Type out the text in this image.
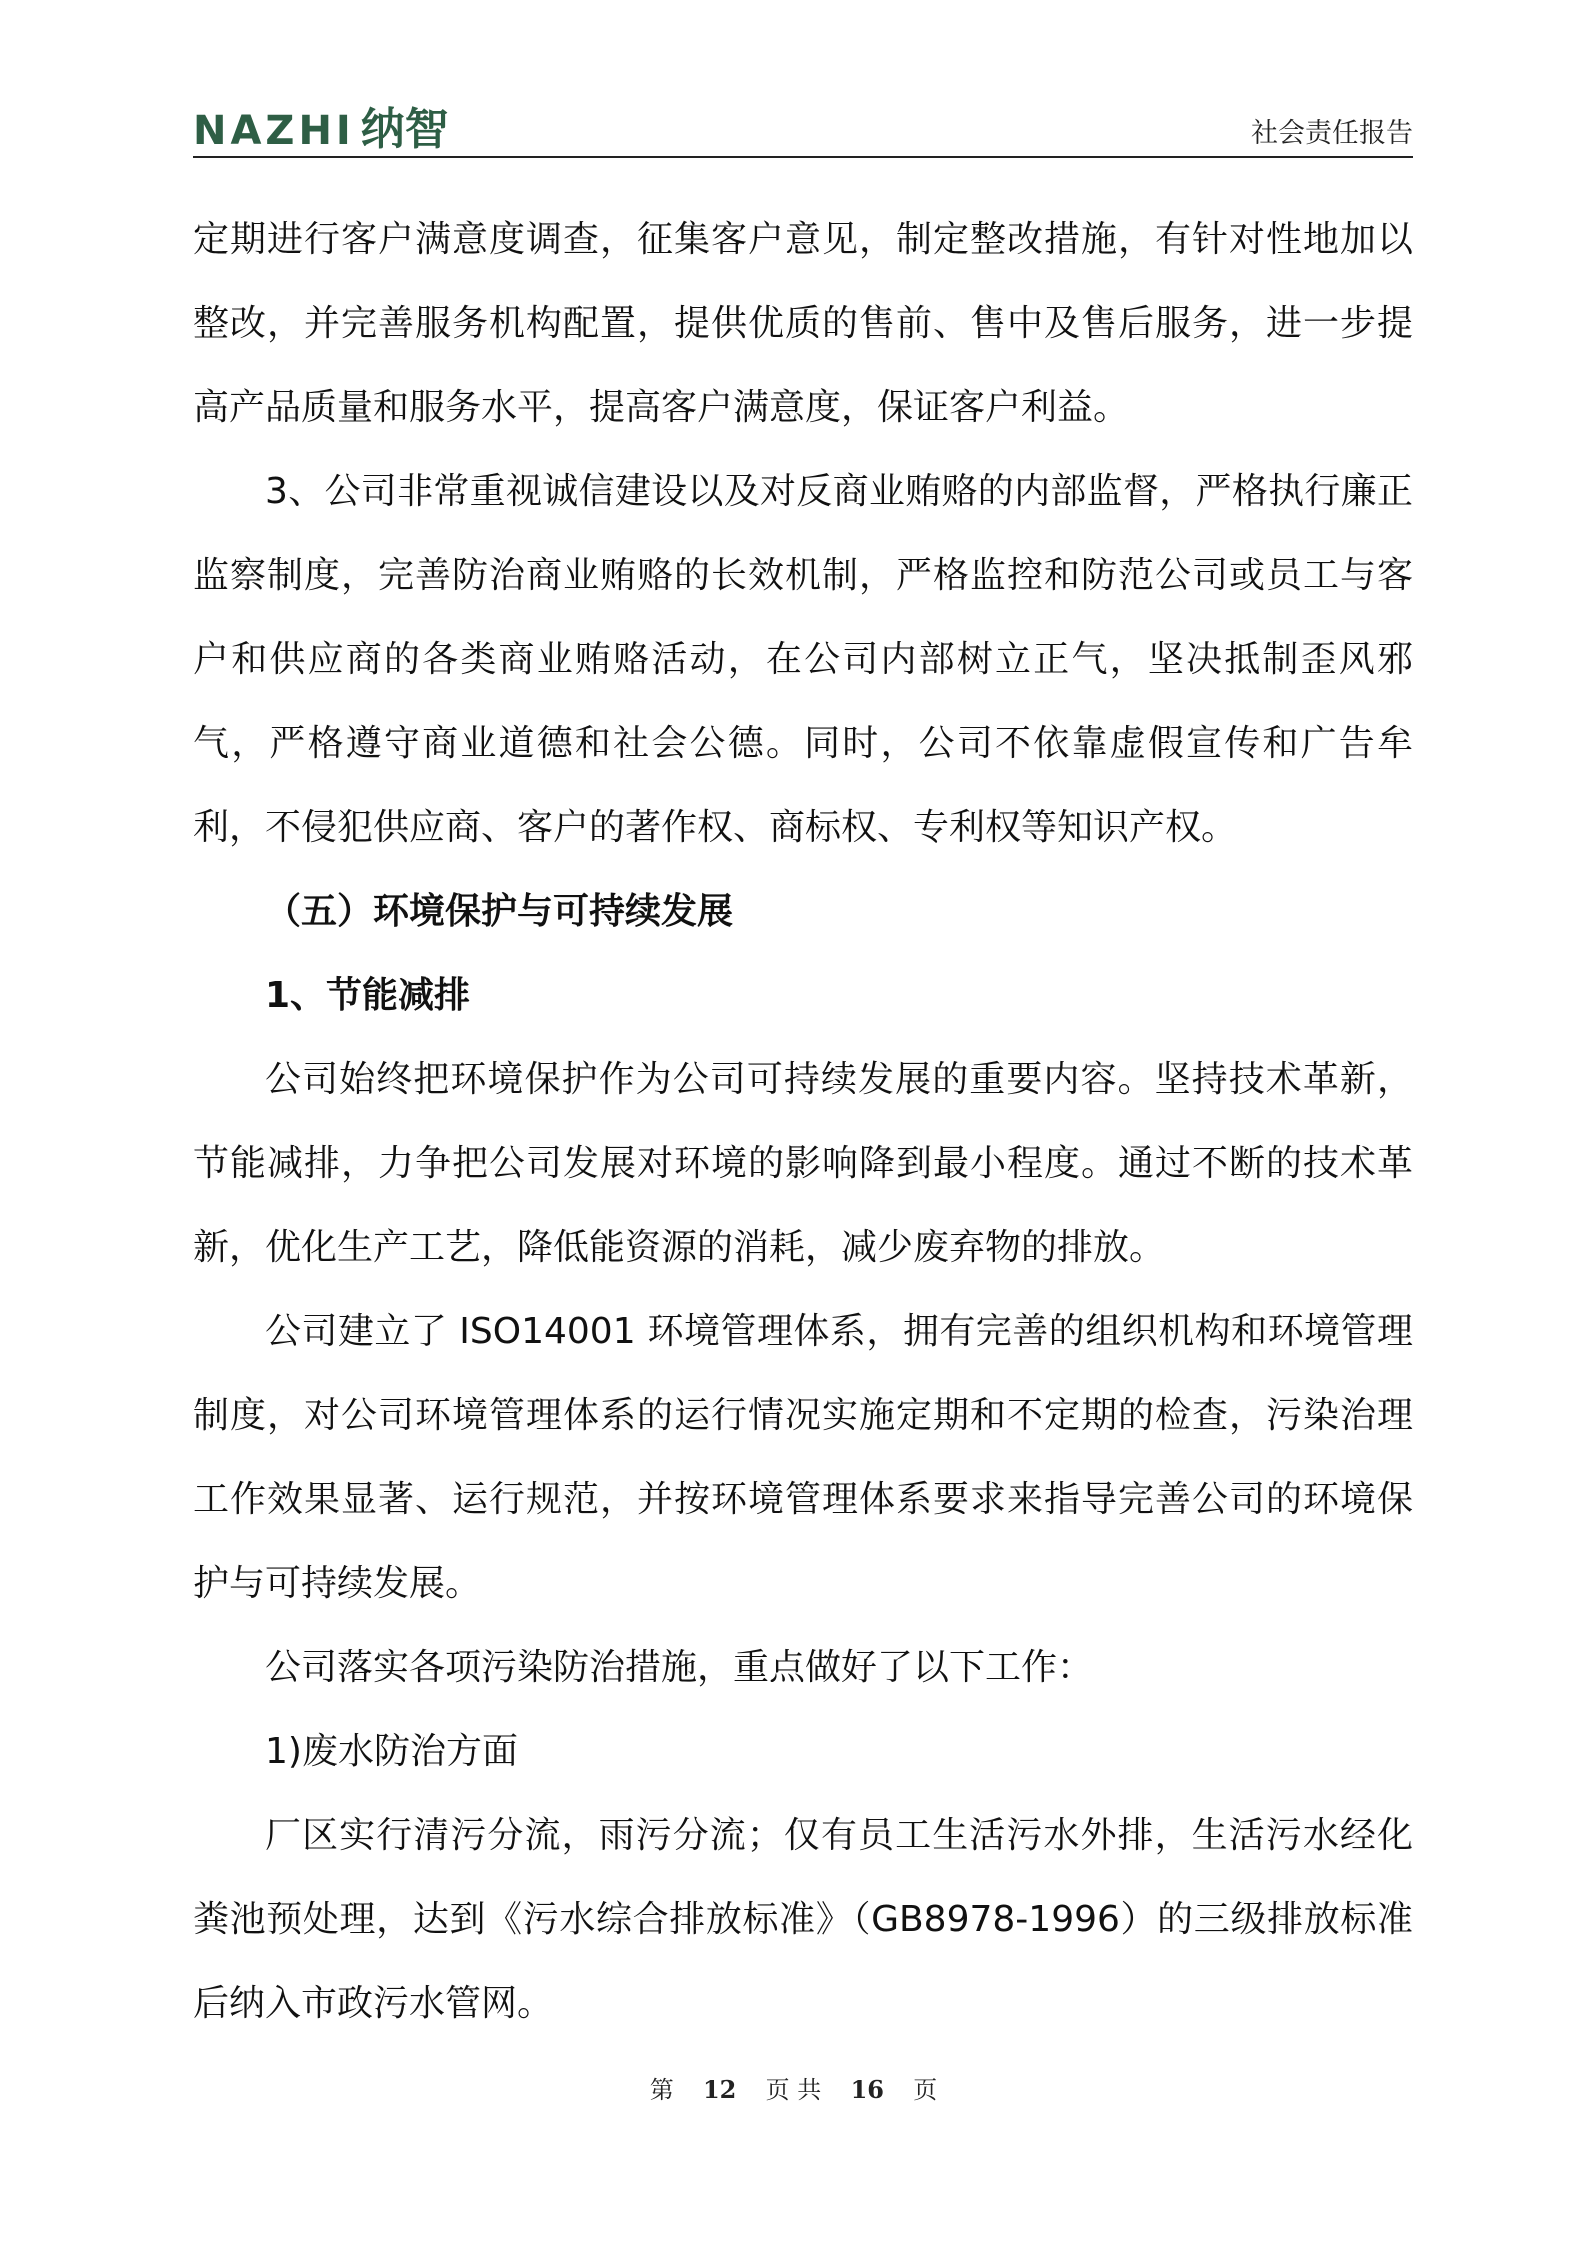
NAZHI 纳智	社会责任报告

定期进行客户满意度调查，征集客户意见，制定整改措施，有针对性地加以整改，并完善服务机构配置，提供优质的售前、售中及售后服务，进一步提高产品质量和服务水平，提高客户满意度，保证客户利益。

3、公司非常重视诚信建设以及对反商业贿赂的内部监督，严格执行廉正监察制度，完善防治商业贿赂的长效机制，严格监控和防范公司或员工与客户和供应商的各类商业贿赂活动，在公司内部树立正气，坚决抵制歪风邪气，严格遵守商业道德和社会公德。同时，公司不依靠虚假宣传和广告牟利，不侵犯供应商、客户的著作权、商标权、专利权等知识产权。

（五）环境保护与可持续发展

1、节能减排

公司始终把环境保护作为公司可持续发展的重要内容。坚持技术革新，节能减排，力争把公司发展对环境的影响降到最小程度。通过不断的技术革新，优化生产工艺，降低能资源的消耗，减少废弃物的排放。

公司建立了 ISO14001 环境管理体系，拥有完善的组织机构和环境管理制度，对公司环境管理体系的运行情况实施定期和不定期的检查，污染治理工作效果显著、运行规范，并按环境管理体系要求来指导完善公司的环境保护与可持续发展。

公司落实各项污染防治措施，重点做好了以下工作：

1)废水防治方面

厂区实行清污分流，雨污分流；仅有员工生活污水外排，生活污水经化粪池预处理，达到《污水综合排放标准》（GB8978-1996）的三级排放标准后纳入市政污水管网。

第 12 页 共 16 页
